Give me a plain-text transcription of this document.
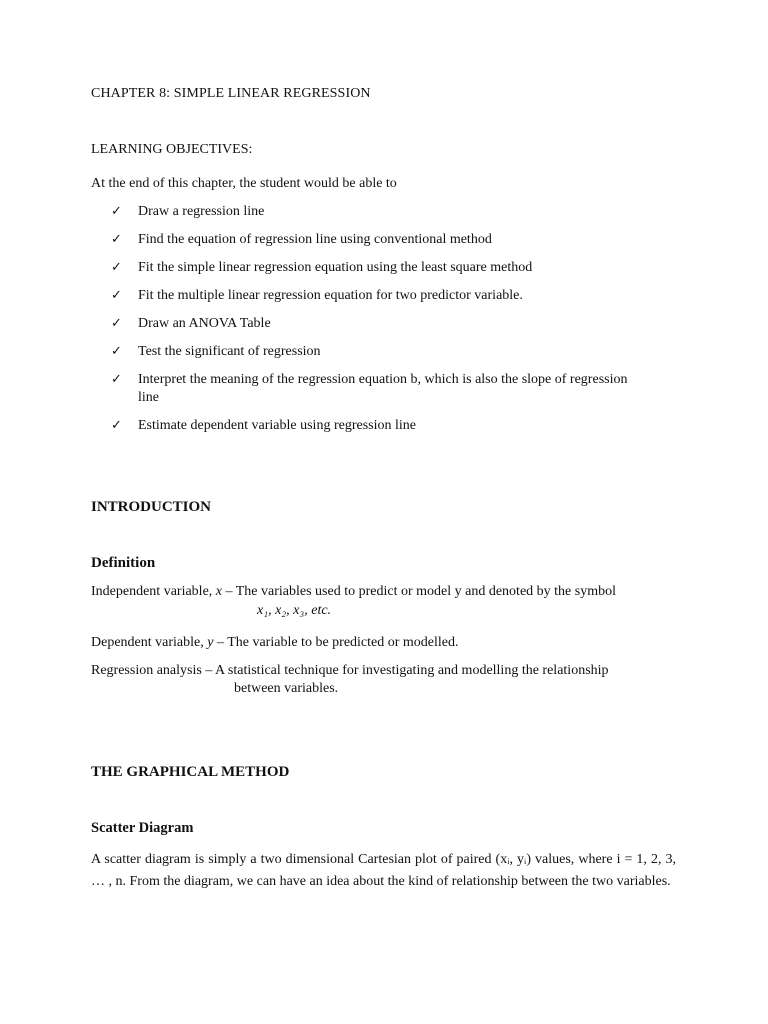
CHAPTER 8: SIMPLE LINEAR REGRESSION
LEARNING OBJECTIVES:
At the end of this chapter, the student would be able to
✓ Draw a regression line
✓ Find the equation of regression line using conventional method
✓ Fit the simple linear regression equation using the least square method
✓ Fit the multiple linear regression equation for two predictor variable.
✓ Draw an ANOVA Table
✓ Test the significant of regression
✓ Interpret the meaning of the regression equation b, which is also the slope of regression line
✓ Estimate dependent variable using regression line
INTRODUCTION
Definition
Independent variable, x – The variables used to predict or model y and denoted by the symbol
x₁, x₂, x₃, etc.
Dependent variable, y – The variable to be predicted or modelled.
Regression analysis – A statistical technique for investigating and modelling the relationship
between variables.
THE GRAPHICAL METHOD
Scatter Diagram
A scatter diagram is simply a two dimensional Cartesian plot of paired (xᵢ, yᵢ) values, where i = 1, 2, 3, … , n. From the diagram, we can have an idea about the kind of relationship between the two variables.
